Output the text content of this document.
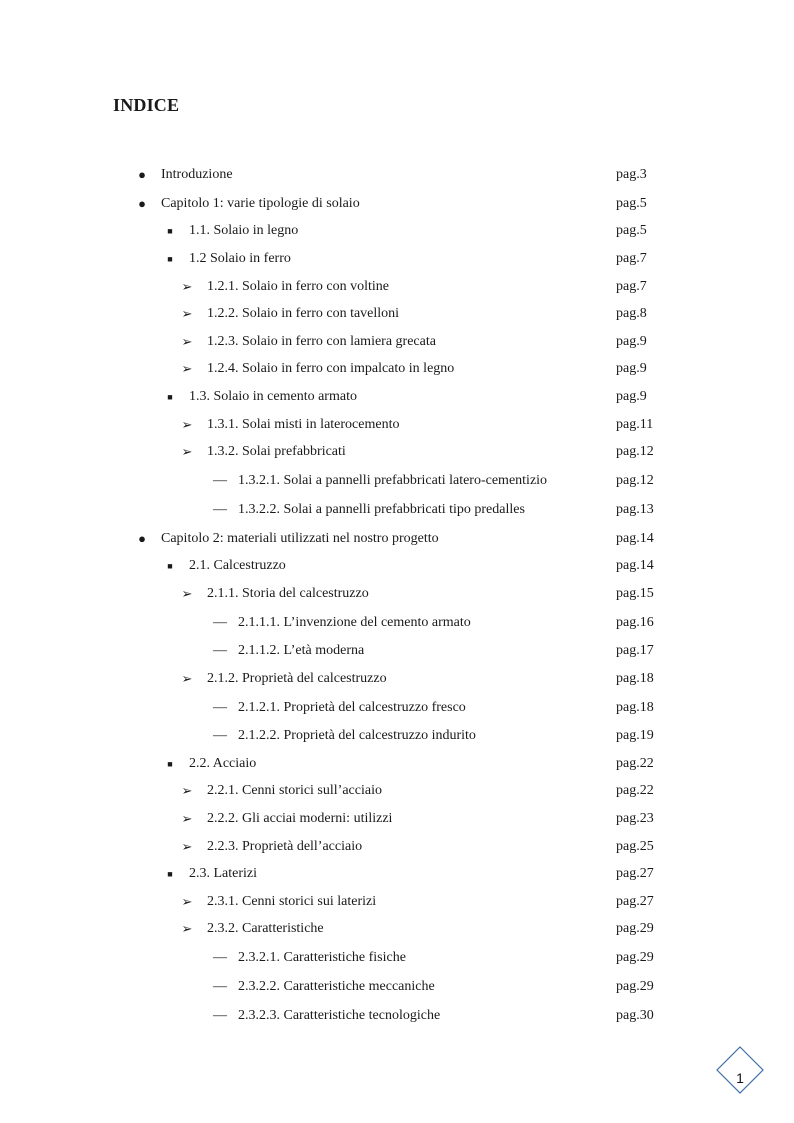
INDICE
● Introduzione	pag.3
● Capitolo 1: varie tipologie di solaio	pag.5
■	1.1. Solaio in legno	pag.5
■	1.2 Solaio in ferro	pag.7
➢ 1.2.1. Solaio in ferro con voltine	pag.7
➢ 1.2.2. Solaio in ferro con tavelloni	pag.8
➢ 1.2.3. Solaio in ferro con lamiera grecata	pag.9
➢ 1.2.4. Solaio in ferro con impalcato in legno	pag.9
■	1.3. Solaio in cemento armato	pag.9
➢ 1.3.1. Solai misti in laterocemento	pag.11
➢ 1.3.2. Solai prefabbricati	pag.12
— 1.3.2.1. Solai a pannelli prefabbricati latero-cementizio	pag.12
— 1.3.2.2. Solai a pannelli prefabbricati tipo predalles	pag.13
● Capitolo 2: materiali utilizzati nel nostro progetto	pag.14
■	2.1. Calcestruzzo	pag.14
➢ 2.1.1. Storia del calcestruzzo	pag.15
— 2.1.1.1. L’invenzione del cemento armato	pag.16
— 2.1.1.2. L’età moderna	pag.17
➢ 2.1.2. Proprietà del calcestruzzo	pag.18
— 2.1.2.1. Proprietà del calcestruzzo fresco	pag.18
— 2.1.2.2. Proprietà del calcestruzzo indurito	pag.19
■	2.2. Acciaio	pag.22
➢ 2.2.1. Cenni storici sull’acciaio	pag.22
➢ 2.2.2. Gli acciai moderni: utilizzi	pag.23
➢ 2.2.3. Proprietà dell’acciaio	pag.25
■	2.3. Laterizi	pag.27
➢ 2.3.1. Cenni storici sui laterizi	pag.27
➢ 2.3.2. Caratteristiche	pag.29
— 2.3.2.1. Caratteristiche fisiche	pag.29
— 2.3.2.2. Caratteristiche meccaniche	pag.29
— 2.3.2.3. Caratteristiche tecnologiche	pag.30
1
